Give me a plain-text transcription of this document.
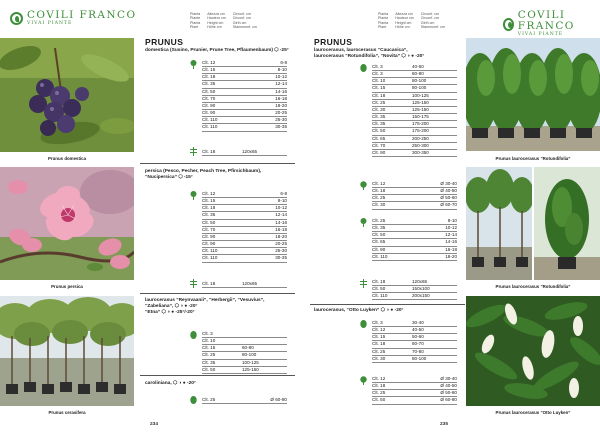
Pianta
Plante
Planta
Plant
Altezza cm
Hauteur cm
Height cm
Höhe cm
Circonf. cm
Circonf. cm
Girth cm
Stammumf. cm
COVILI FRANCO
VIVAI PIANTE
Prunus domestica
Prunus persica
Prunus cerasifera
PRUNUS
domestica (Susino, Prunier, Prune Tree, Pflaumenbaum) ⬡ -25°
Clt. 12	6-8
Clt. 15	8-10
Clt. 18	10-12
Clt. 35	12-14
Clt. 50	14-16
Clt. 70	16-18
Clt. 90	18-20
Clt. 90	20-25
Clt. 110	25-30
Clt. 110	30-35
Clt. 18	120x65
persica (Pesco, Pecher, Peach Tree, Pfirsichbaum),
“Nucipersica” ⬡ -15°
Clt. 12	6-8
Clt. 15	8-10
Clt. 18	10-12
Clt. 35	12-14
Clt. 50	14-16
Clt. 70	16-18
Clt. 90	18-20
Clt. 90	20-25
Clt. 110	25-30
Clt. 110	30-35
Clt. 18	120x65
laurocerasus “Reynvaanii”, “Herbergii”, “Vesuvius”,
“Zabeliana”, ⬡ ◑ ● -20°
“Etna” ⬡ ◑ ● -25°/-20°
Clt. 3
Clt. 10
Clt. 15	60-80
Clt. 25	80-100
Clt. 35	100-125
Clt. 50	125-150
caroliniana, ⬡ ◑ ● -20°
Clt. 25	Ø 60-80
234
Pianta
Plante
Planta
Plant
Altezza cm
Hauteur cm
Height cm
Höhe cm
Circonf. cm
Circonf. cm
Girth cm
Stammumf. cm
COVILI FRANCO
VIVAI PIANTE
PRUNUS
laurocerasus, laurocerasus “Caucasica”,
laurocerasus “Rotundifolia”, “Novita” ⬡ ◑ ● -20°
Clt. 3	40-60
Clt. 3	60-80
Clt. 10	80-100
Clt. 15	80-100
Clt. 18	100-125
Clt. 25	125-150
Clt. 30	125-150
Clt. 35	150-175
Clt. 35	175-200
Clt. 50	175-200
Clt. 65	200-250
Clt. 70	250-300
Clt. 90	300-350
Clt. 12	Ø 30-40
Clt. 18	Ø 40-50
Clt. 25	Ø 50-60
Clt. 30	Ø 60-70
Clt. 25	8-10
Clt. 35	10-12
Clt. 50	12-14
Clt. 65	14-16
Clt. 90	16-18
Clt. 110	18-20
Clt. 18	120x65
Clt. 50	150x100
Clt. 110	200x150
laurocerasus, “Otto Luyken” ⬡ ◑ ● -20°
Clt. 3	30-40
Clt. 12	40-50
Clt. 15	50-60
Clt. 18	60-70
Clt. 25	70-80
Clt. 30	80-100
Clt. 12	Ø 30-40
Clt. 18	Ø 40-50
Clt. 25	Ø 50-60
Clt. 50	Ø 60-80
235
Prunus laurocerasus “Rotundifolia”
Prunus laurocerasus “Rotundifolia”
Prunus laurocerasus “Otto Luyken”
